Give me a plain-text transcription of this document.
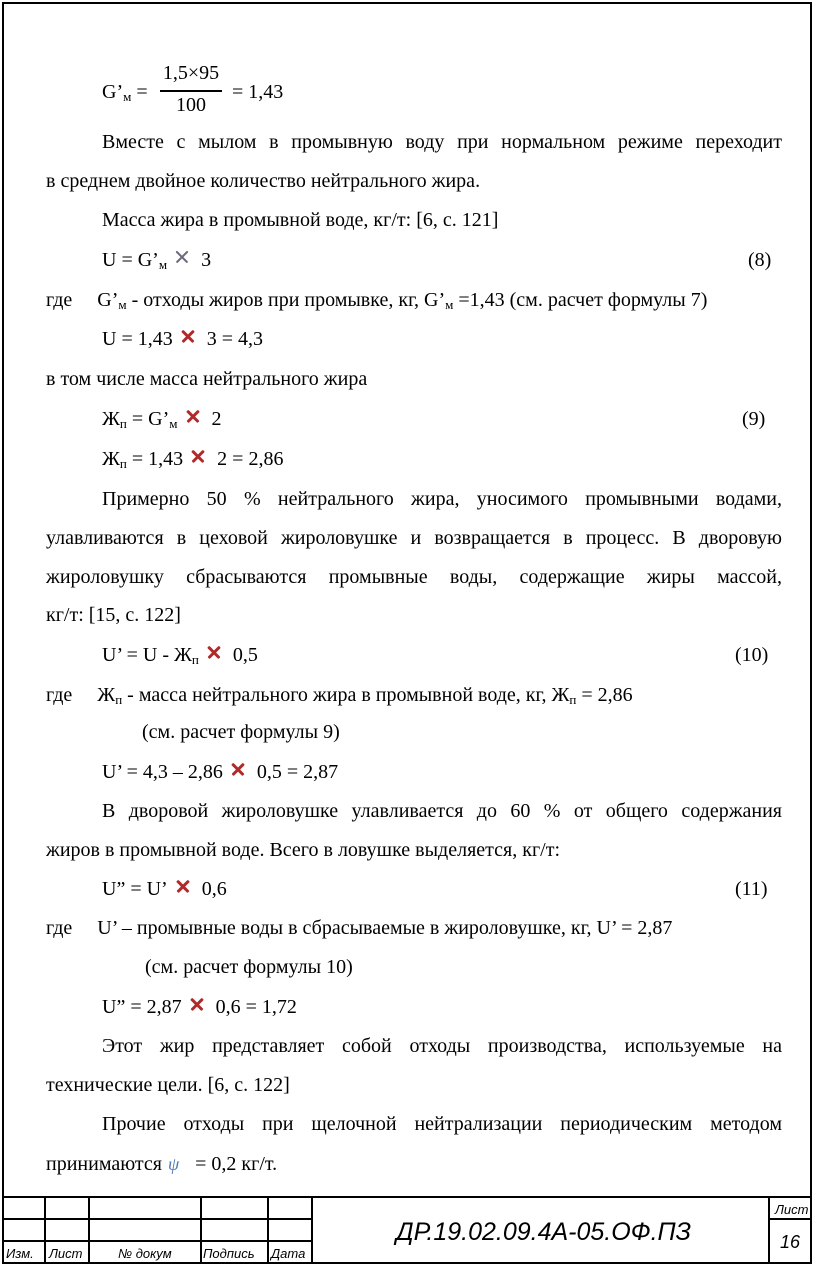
$G’_м$ =
1,5×95
100
= 1,43
Вместе с мылом в промывную воду при нормальном режиме переходит
в среднем двойное количество нейтрального жира.
Масса жира в промывной воде, кг/т: [6, с. 121]
$U = G’_м$ 3	(8)
где     $G’_м$ - отходы жиров при промывке, кг, $G’_м =1,43$ (см. расчет формулы 7)
U = 1,43 3 = 4,3
в том числе масса нейтрального жира
$Ж_п$ = $G’_м$ 2	(9)
$Ж_п = 1,43$ 2 = 2,86
Примерно 50 % нейтрального жира, уносимого промывными водами,
улавливаются в цеховой жироловушке и возвращается в процесс. В дворовую
жироловушку сбрасываются промывные воды, содержащие жиры массой,
кг/т: [15, с. 122]
U’ = U - $Ж_п$ 0,5	(10)
где     $Ж_п$ - масса нейтрального жира в промывной воде, кг, $Ж_п = 2,86$
(см. расчет формулы 9)
U’ = 4,3 – 2,86 0,5 = 2,87
В дворовой жироловушке улавливается до 60 % от общего содержания
жиров в промывной воде. Всего в ловушке выделяется, кг/т:
U” = U’ 0,6	(11)
где     U’ – промывные воды в сбрасываемые в жироловушке, кг, U’ = 2,87
(см. расчет формулы 10)
U” = 2,87 0,6 = 1,72
Этот жир представляет собой отходы производства, используемые на
технические цели. [6, с. 122]
Прочие отходы при щелочной нейтрализации периодическим методом
принимаются ψ = 0,2 кг/т.
Изм. Лист	№ докум Подпись Дата
ДР.19.02.09.4А-05.ОФ.ПЗ
Лист
16
